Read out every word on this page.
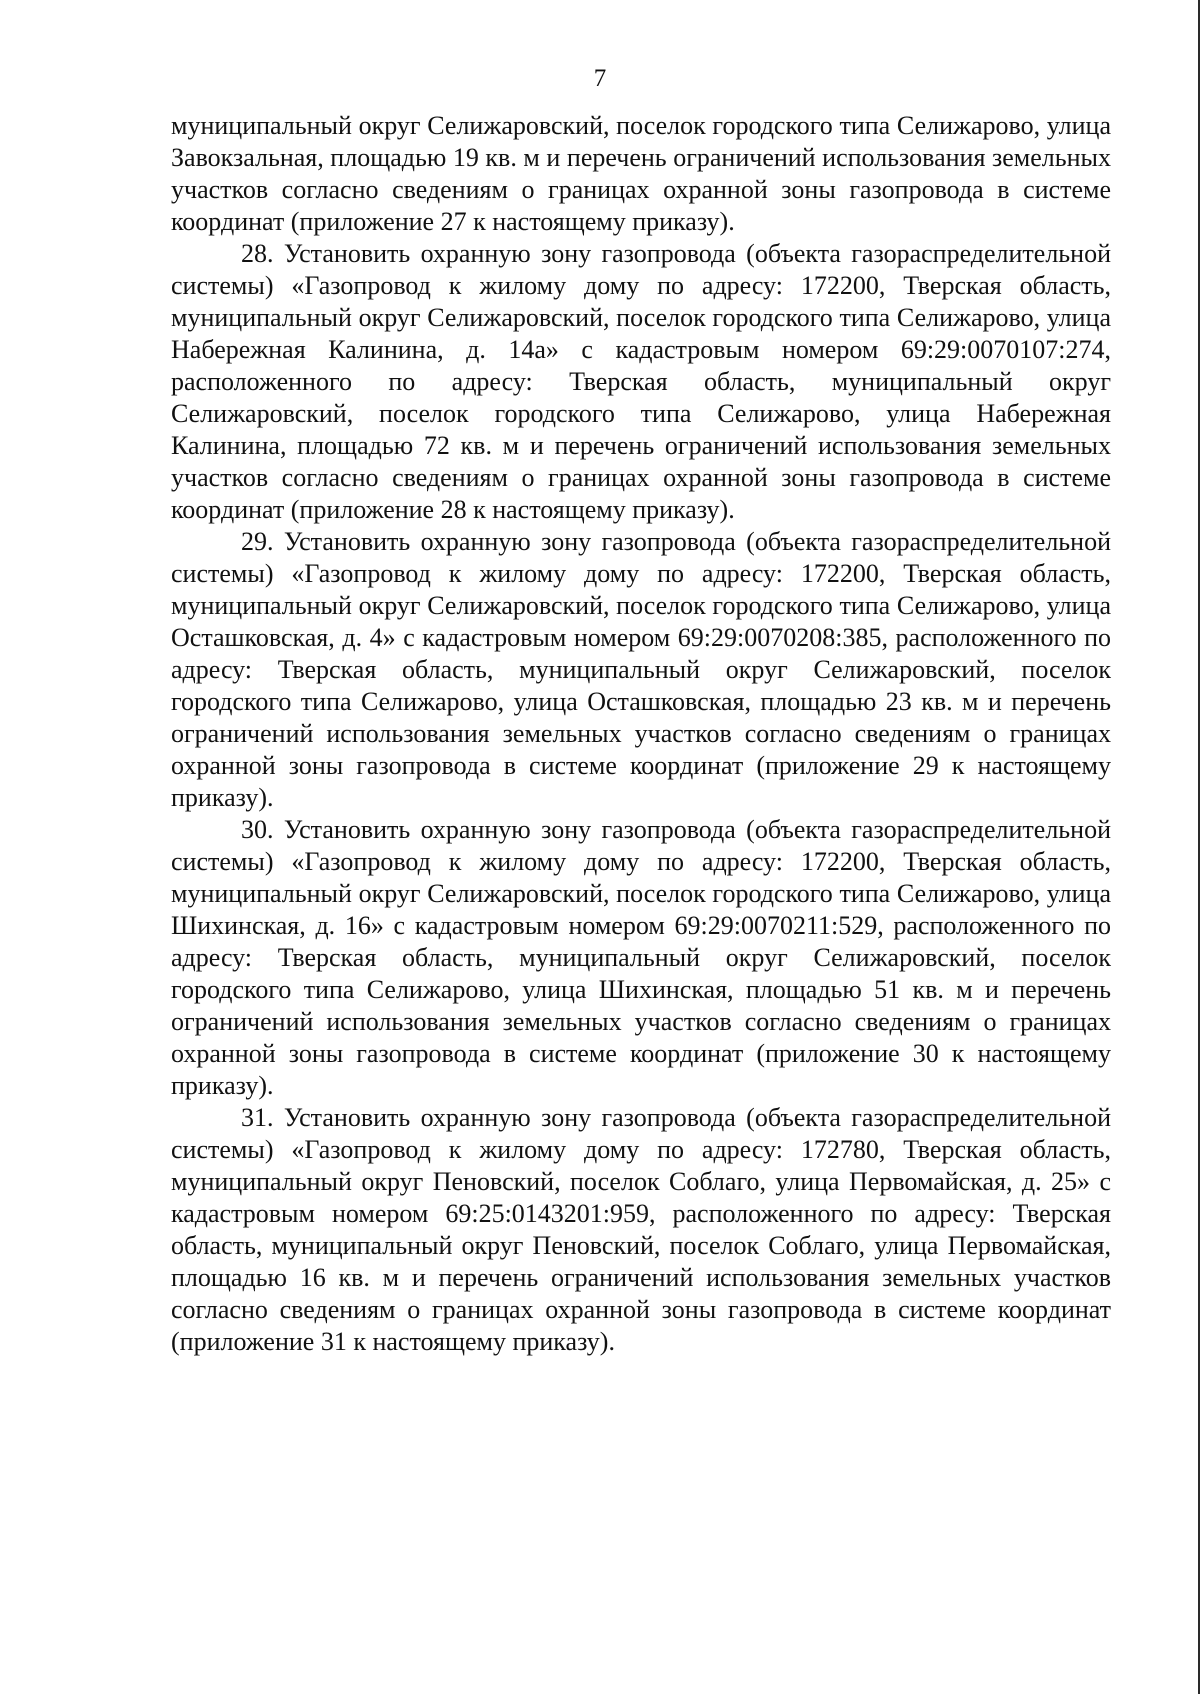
7

муниципальный округ Селижаровский, поселок городского типа Селижарово, улица Завокзальная, площадью 19 кв. м и перечень ограничений использования земельных участков согласно сведениям о границах охранной зоны газопровода в системе координат (приложение 27 к настоящему приказу).

28. Установить охранную зону газопровода (объекта газораспределительной системы) «Газопровод к жилому дому по адресу: 172200, Тверская область, муниципальный округ Селижаровский, поселок городского типа Селижарово, улица Набережная Калинина, д. 14а» с кадастровым номером 69:29:0070107:274, расположенного по адресу: Тверская область, муниципальный округ Селижаровский, поселок городского типа Селижарово, улица Набережная Калинина, площадью 72 кв. м и перечень ограничений использования земельных участков согласно сведениям о границах охранной зоны газопровода в системе координат (приложение 28 к настоящему приказу).

29. Установить охранную зону газопровода (объекта газораспределительной системы) «Газопровод к жилому дому по адресу: 172200, Тверская область, муниципальный округ Селижаровский, поселок городского типа Селижарово, улица Осташковская, д. 4» с кадастровым номером 69:29:0070208:385, расположенного по адресу: Тверская область, муниципальный округ Селижаровский, поселок городского типа Селижарово, улица Осташковская, площадью 23 кв. м и перечень ограничений использования земельных участков согласно сведениям о границах охранной зоны газопровода в системе координат (приложение 29 к настоящему приказу).

30. Установить охранную зону газопровода (объекта газораспределительной системы) «Газопровод к жилому дому по адресу: 172200, Тверская область, муниципальный округ Селижаровский, поселок городского типа Селижарово, улица Шихинская, д. 16» с кадастровым номером 69:29:0070211:529, расположенного по адресу: Тверская область, муниципальный округ Селижаровский, поселок городского типа Селижарово, улица Шихинская, площадью 51 кв. м и перечень ограничений использования земельных участков согласно сведениям о границах охранной зоны газопровода в системе координат (приложение 30 к настоящему приказу).

31. Установить охранную зону газопровода (объекта газораспределительной системы) «Газопровод к жилому дому по адресу: 172780, Тверская область, муниципальный округ Пеновский, поселок Соблаго, улица Первомайская, д. 25» с кадастровым номером 69:25:0143201:959, расположенного по адресу: Тверская область, муниципальный округ Пеновский, поселок Соблаго, улица Первомайская, площадью 16 кв. м и перечень ограничений использования земельных участков согласно сведениям о границах охранной зоны газопровода в системе координат (приложение 31 к настоящему приказу).
